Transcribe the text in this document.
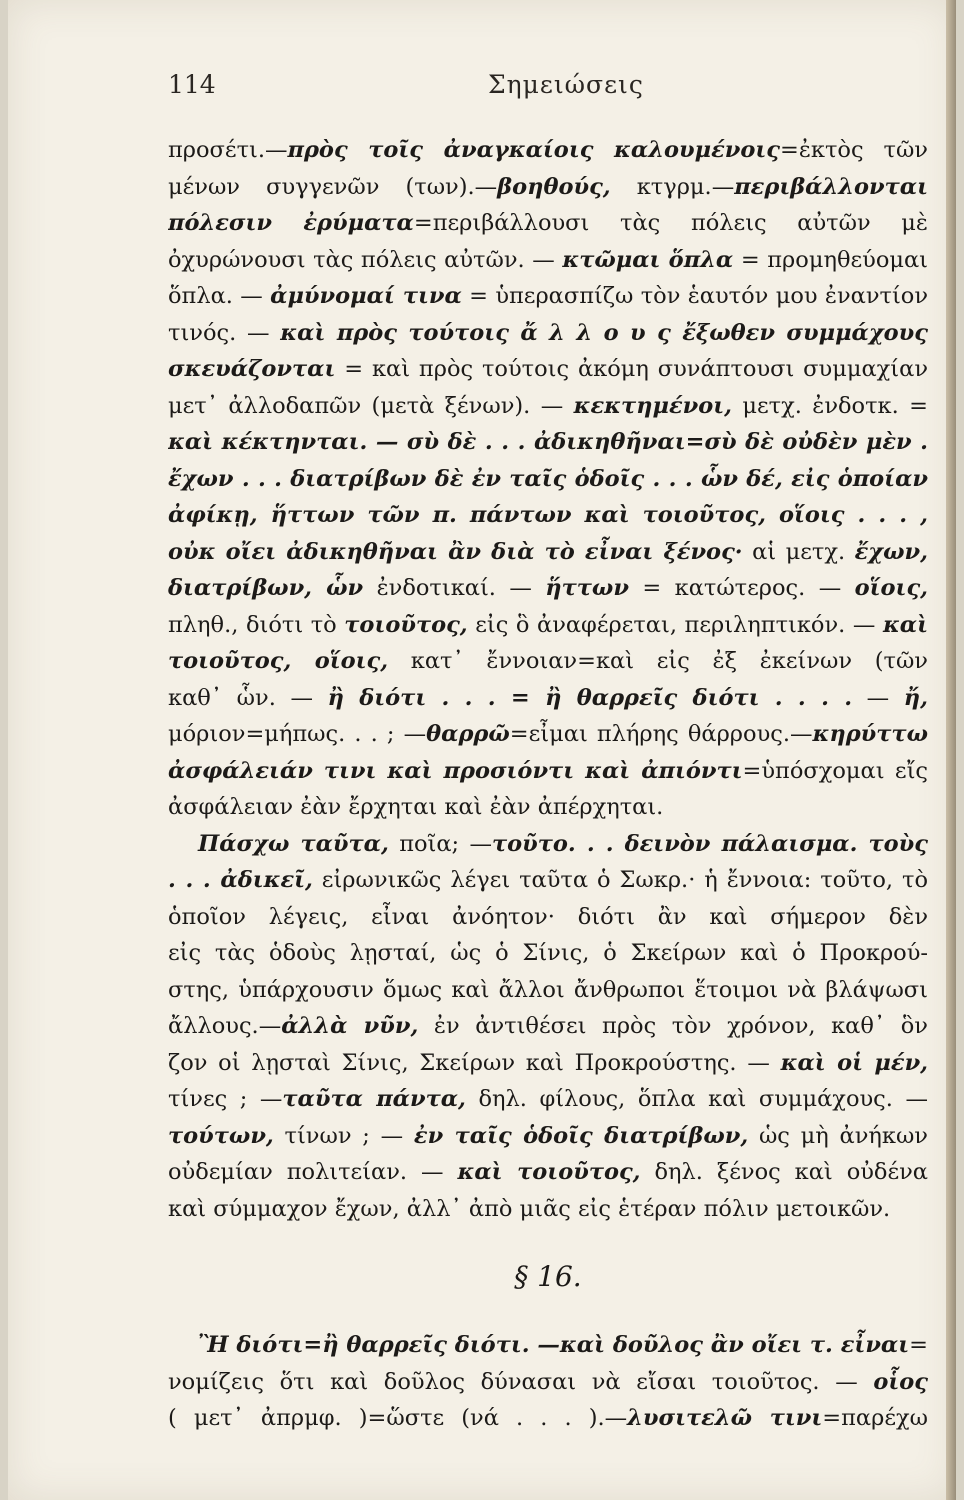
114	Σημειώσεις
προσέτι.—πρὸς τοῖς ἀναγκαίοις καλουμένοις=ἐκτὸς τῶν
μένων συγγενῶν (των).—βοηθούς, κτγρμ.—περιβάλλονται
πόλεσιν ἐρύματα=περιβάλλουσι τὰς πόλεις αὐτῶν μὲ
ὀχυρώνουσι τὰς πόλεις αὐτῶν. — κτῶμαι ὅπλα = προμηθεύομαι
ὅπλα. — ἀμύνομαί τινα = ὑπερασπίζω τὸν ἑαυτόν μου ἐναντίον
τινός. — καὶ πρὸς τούτοις ἄ λ λ ο υ ς ἔξωθεν συμμάχους
σκευάζονται = καὶ πρὸς τούτοις ἀκόμη συνάπτουσι συμμαχίαν
μετ᾽ ἀλλοδαπῶν (μετὰ ξένων). — κεκτημένοι, μετχ. ἐνδοτκ. =
καὶ κέκτηνται. — σὺ δὲ . . . ἀδικηθῆναι=σὺ δὲ οὐδὲν μὲν .
ἔχων . . . διατρίβων δὲ ἐν ταῖς ὁδοῖς . . . ὧν δέ, εἰς ὁποίαν
ἀφίκῃ, ἥττων τῶν π. πάντων καὶ τοιοῦτος, οἵοις . . . ,
οὐκ οἴει ἀδικηθῆναι ἂν διὰ τὸ εἶναι ξένος· αἱ μετχ. ἔχων,
διατρίβων, ὧν ἐνδοτικαί. — ἥττων = κατώτερος. — οἵοις,
πληθ., διότι τὸ τοιοῦτος, εἰς ὃ ἀναφέρεται, περιληπτικόν. — καὶ
τοιοῦτος, οἵοις, κατ᾽ ἔννοιαν=καὶ εἰς ἐξ ἐκείνων (τῶν
καθ᾽ ὧν. — ἢ διότι . . . = ἢ θαρρεῖς διότι . . . . — ἤ,
μόριον=μήπως. . . ; —θαρρῶ=εἶμαι πλήρης θάρρους.—κηρύττω
ἀσφάλειάν τινι καὶ προσιόντι καὶ ἀπιόντι=ὑπόσχομαι εἴς
ἀσφάλειαν ἐὰν ἔρχηται καὶ ἐὰν ἀπέρχηται.
Πάσχω ταῦτα, ποῖα; —τοῦτο. . . δεινὸν πάλαισμα. τοὺς
. . . ἀδικεῖ, εἰρωνικῶς λέγει ταῦτα ὁ Σωκρ.· ἡ ἔννοια: τοῦτο, τὸ
ὁποῖον λέγεις, εἶναι ἀνόητον· διότι ἂν καὶ σήμερον δὲν
εἰς τὰς ὁδοὺς λῃσταί, ὡς ὁ Σίνις, ὁ Σκείρων καὶ ὁ Προκρού-
στης, ὑπάρχουσιν ὅμως καὶ ἄλλοι ἄνθρωποι ἕτοιμοι νὰ βλάψωσι
ἄλλους.—ἀλλὰ νῦν, ἐν ἀντιθέσει πρὸς τὸν χρόνον, καθ᾽ ὃν
ζον οἱ λῃσταὶ Σίνις, Σκείρων καὶ Προκρούστης. — καὶ οἱ μέν,
τίνες ; —ταῦτα πάντα, δηλ. φίλους, ὅπλα καὶ συμμάχους. —
τούτων, τίνων ; — ἐν ταῖς ὁδοῖς διατρίβων, ὡς μὴ ἀνήκων
οὐδεμίαν πολιτείαν. — καὶ τοιοῦτος, δηλ. ξένος καὶ οὐδένα
καὶ σύμμαχον ἔχων, ἀλλ᾽ ἀπὸ μιᾶς εἰς ἑτέραν πόλιν μετοικῶν.
§ 16.
Ἢ διότι=ἢ θαρρεῖς διότι. —καὶ δοῦλος ἂν οἴει τ. εἶναι=
νομίζεις ὅτι καὶ δοῦλος δύνασαι νὰ εἴσαι τοιοῦτος. — οἷος
( μετ᾽ ἀπρμφ. )=ὥστε (νά . . . ).—λυσιτελῶ τινι=παρέχω
